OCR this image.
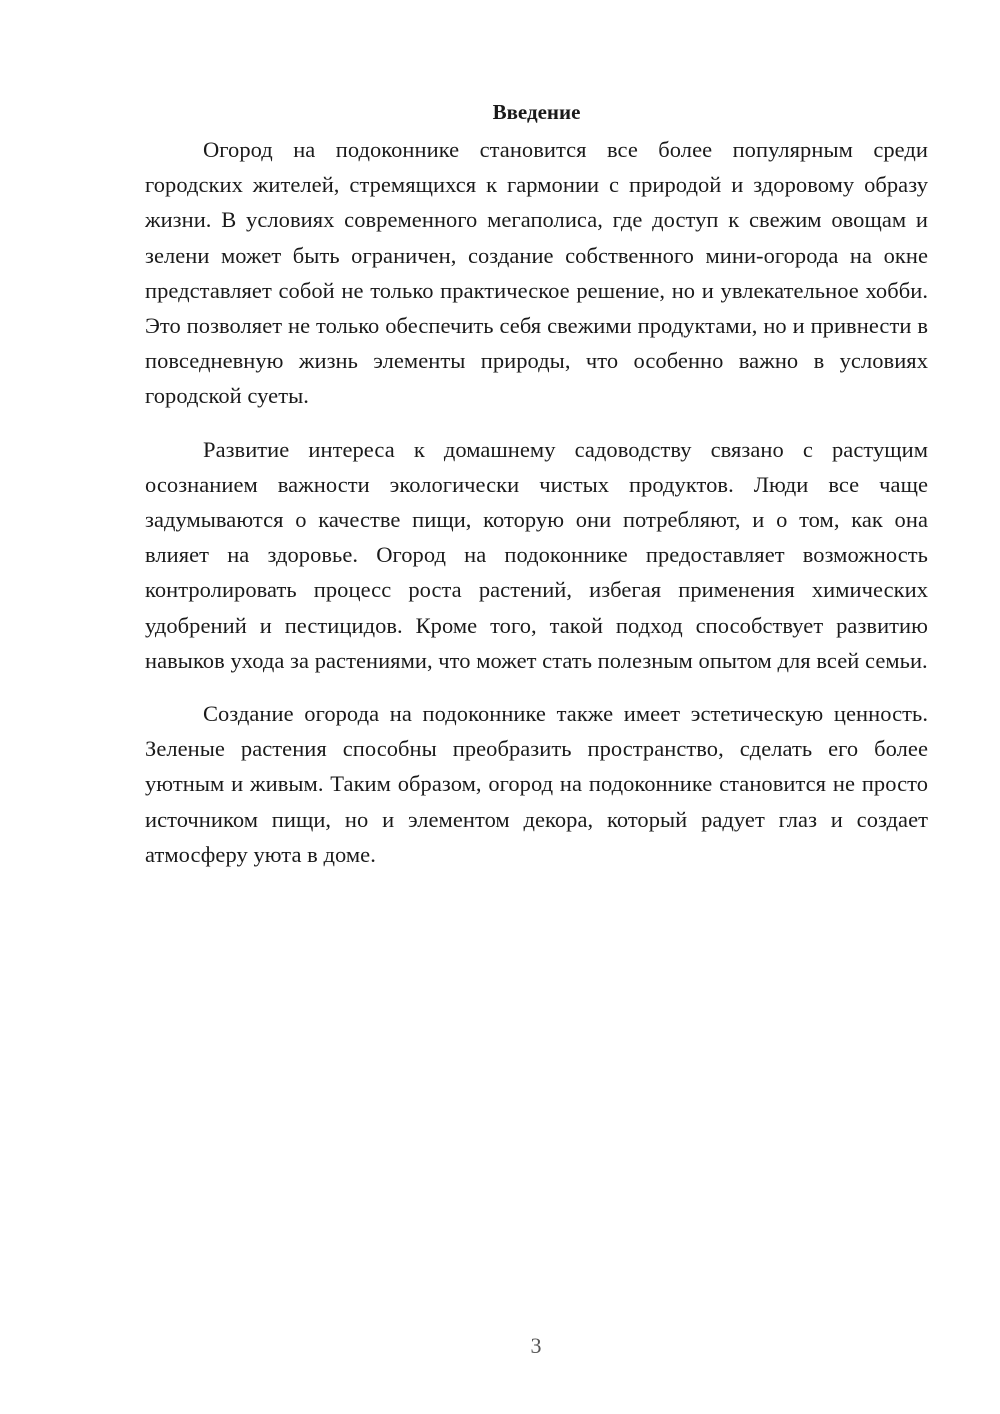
Введение

Огород на подоконнике становится все более популярным среди городских жителей, стремящихся к гармонии с природой и здоровому образу жизни. В условиях современного мегаполиса, где доступ к свежим овощам и зелени может быть ограничен, создание собственного мини-огорода на окне представляет собой не только практическое решение, но и увлекательное хобби. Это позволяет не только обеспечить себя свежими продуктами, но и привнести в повседневную жизнь элементы природы, что особенно важно в условиях городской суеты.

Развитие интереса к домашнему садоводству связано с растущим осознанием важности экологически чистых продуктов. Люди все чаще задумываются о качестве пищи, которую они потребляют, и о том, как она влияет на здоровье. Огород на подоконнике предоставляет возможность контролировать процесс роста растений, избегая применения химических удобрений и пестицидов. Кроме того, такой подход способствует развитию навыков ухода за растениями, что может стать полезным опытом для всей семьи.

Создание огорода на подоконнике также имеет эстетическую ценность. Зеленые растения способны преобразить пространство, сделать его более уютным и живым. Таким образом, огород на подоконнике становится не просто источником пищи, но и элементом декора, который радует глаз и создает атмосферу уюта в доме.

3
